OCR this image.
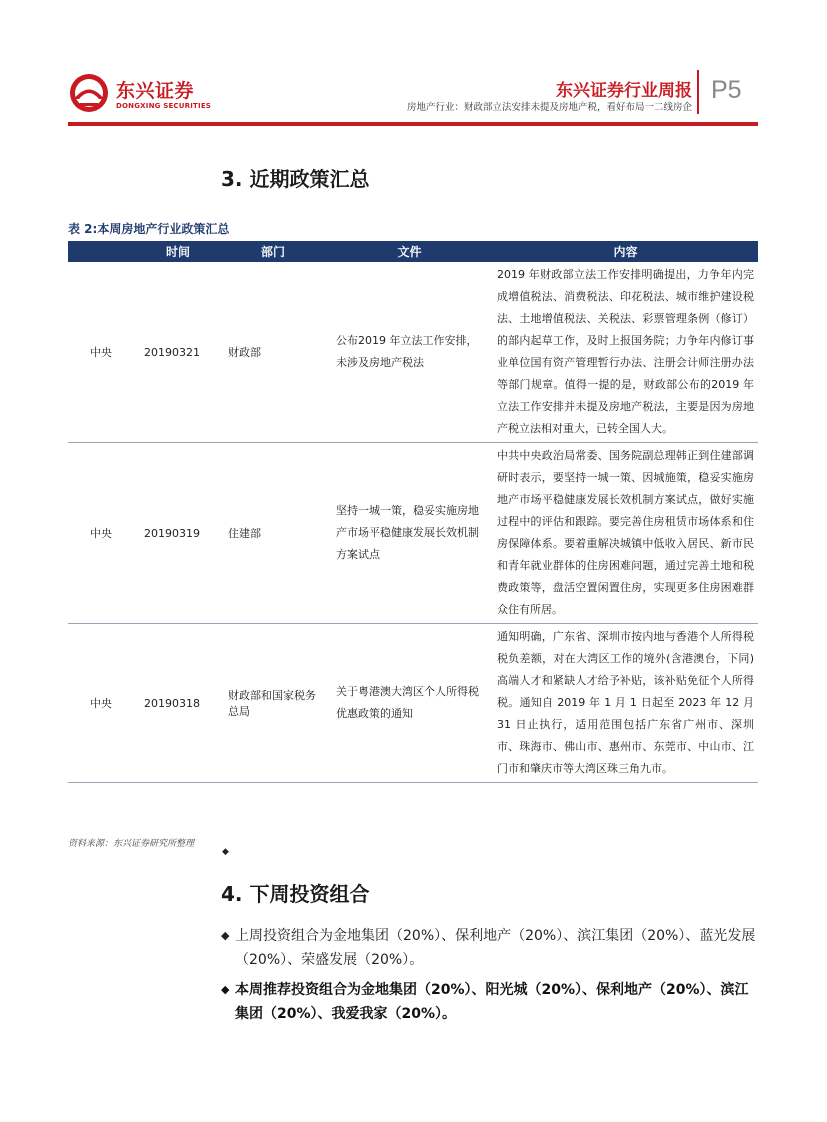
东兴证券
DONGXING SECURITIES
东兴证券行业周报
房地产行业：财政部立法安排未提及房地产税，看好布局一二线房企
P5
3. 近期政策汇总
表 2:本周房地产行业政策汇总
	时间	部门	文件	内容
中央	20190321	财政部	公布2019 年立法工作安排，未涉及房地产税法	2019 年财政部立法工作安排明确提出，力争年内完成增值税法、消费税法、印花税法、城市维护建设税法、土地增值税法、关税法、彩票管理条例（修订）的部内起草工作，及时上报国务院；力争年内修订事业单位国有资产管理暂行办法、注册会计师注册办法等部门规章。值得一提的是，财政部公布的2019 年立法工作安排并未提及房地产税法，主要是因为房地产税立法相对重大，已转全国人大。
中央	20190319	住建部	坚持一城一策，稳妥实施房地产市场平稳健康发展长效机制方案试点	中共中央政治局常委、国务院副总理韩正到住建部调研时表示，要坚持一城一策、因城施策，稳妥实施房地产市场平稳健康发展长效机制方案试点，做好实施过程中的评估和跟踪。要完善住房租赁市场体系和住房保障体系。要着重解决城镇中低收入居民、新市民和青年就业群体的住房困难问题，通过完善土地和税费政策等，盘活空置闲置住房，实现更多住房困难群众住有所居。
中央	20190318	财政部和国家税务总局	关于粤港澳大湾区个人所得税优惠政策的通知	通知明确，广东省、深圳市按内地与香港个人所得税税负差额，对在大湾区工作的境外(含港澳台，下同)高端人才和紧缺人才给予补贴，该补贴免征个人所得税。通知自 2019 年 1 月 1 日起至 2023 年 12 月 31 日止执行，适用范围包括广东省广州市、深圳市、珠海市、佛山市、惠州市、东莞市、中山市、江门市和肇庆市等大湾区珠三角九市。
资料来源：东兴证券研究所整理
◆
4. 下周投资组合
◆ 上周投资组合为金地集团（20%）、保利地产（20%）、滨江集团（20%）、蓝光发展（20%）、荣盛发展（20%）。
◆ 本周推荐投资组合为金地集团（20%）、阳光城（20%）、保利地产（20%）、滨江集团（20%）、我爱我家（20%）。
